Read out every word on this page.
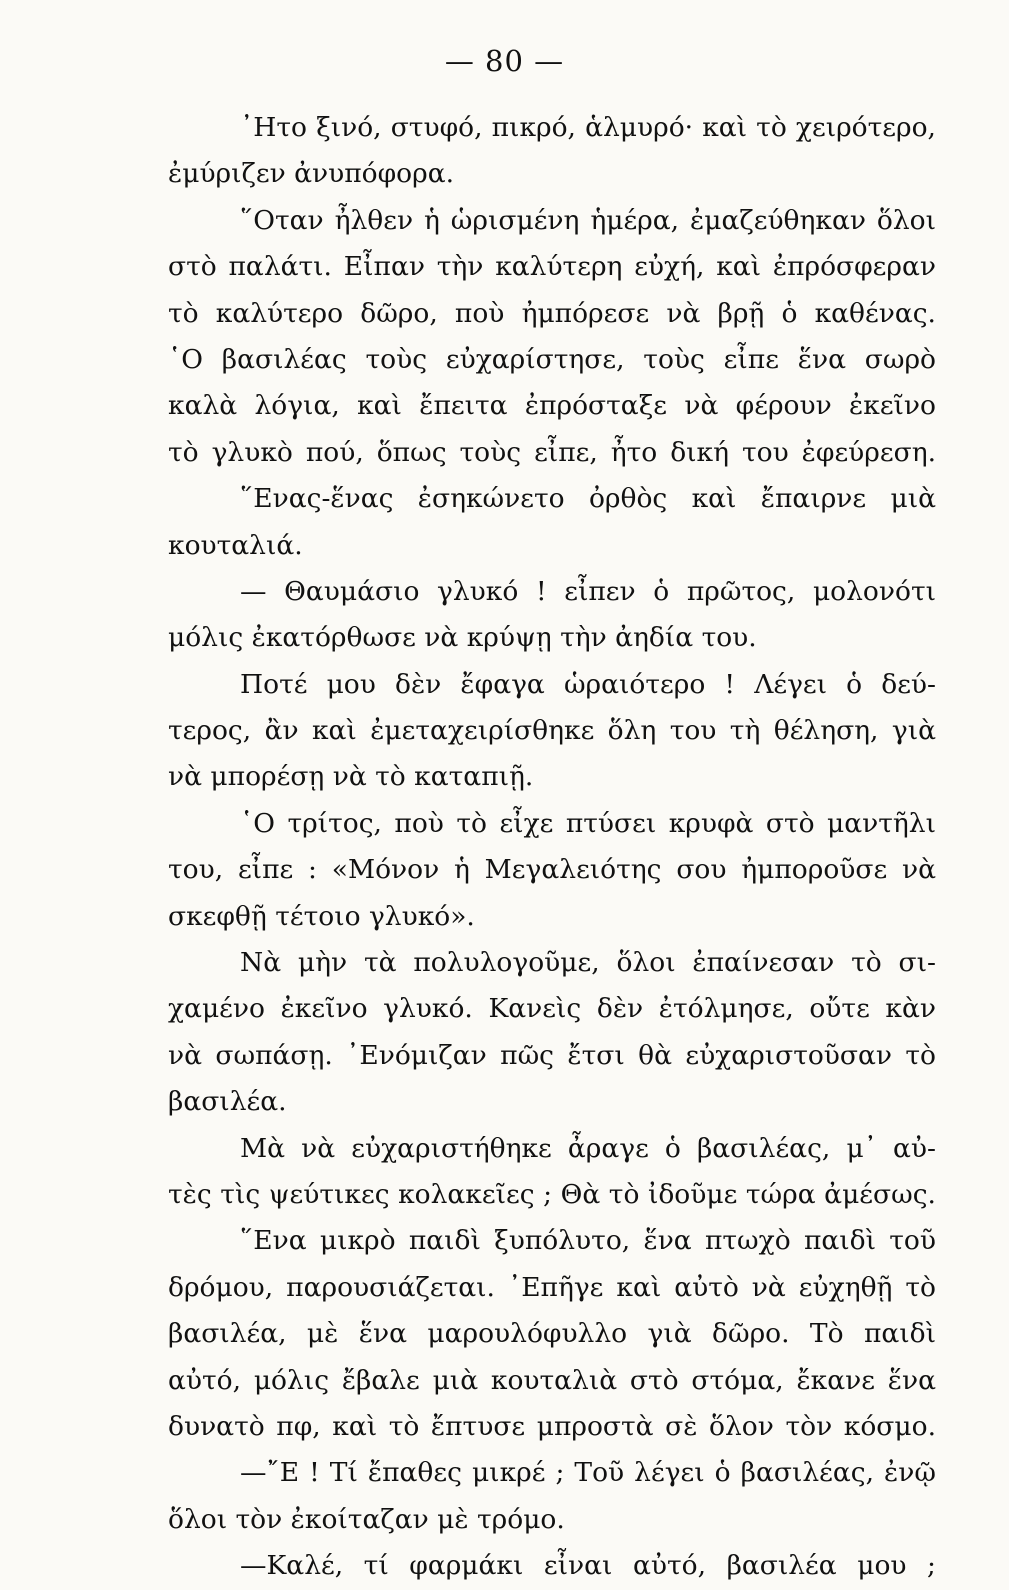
— 80 —
᾿Ητο ξινό, στυφό, πικρό, ἁλμυρό· καὶ τὸ χειρότερο,
ἐμύριζεν ἀνυπόφορα.
῞Οταν ἦλθεν ἡ ὡρισμένη ἡμέρα, ἐμαζεύθηκαν ὅλοι
στὸ παλάτι. Εἶπαν τὴν καλύτερη εὐχή, καὶ ἐπρόσφεραν
τὸ καλύτερο δῶρο, ποὺ ἠμπόρεσε νὰ βρῇ ὁ καθένας.
῾Ο βασιλέας τοὺς εὐχαρίστησε, τοὺς εἶπε ἕνα σωρὸ
καλὰ λόγια, καὶ ἔπειτα ἐπρόσταξε νὰ φέρουν ἐκεῖνο
τὸ γλυκὸ πού, ὅπως τοὺς εἶπε, ἦτο δική του ἐφεύρεση.
῞Ενας-ἕνας ἐσηκώνετο ὀρθὸς καὶ ἔπαιρνε μιὰ
κουταλιά.
— Θαυμάσιο γλυκό ! εἶπεν ὁ πρῶτος, μολονότι
μόλις ἐκατόρθωσε νὰ κρύψῃ τὴν ἀηδία του.
Ποτέ μου δὲν ἔφαγα ὡραιότερο ! Λέγει ὁ δεύ-
τερος, ἂν καὶ ἐμεταχειρίσθηκε ὅλη του τὴ θέληση, γιὰ
νὰ μπορέσῃ νὰ τὸ καταπιῇ.
῾Ο τρίτος, ποὺ τὸ εἶχε πτύσει κρυφὰ στὸ μαντῆλι
του, εἶπε : «Μόνον ἡ Μεγαλειότης σου ἠμποροῦσε νὰ
σκεφθῇ τέτοιο γλυκό».
Νὰ μὴν τὰ πολυλογοῦμε, ὅλοι ἐπαίνεσαν τὸ σι-
χαμένο ἐκεῖνο γλυκό. Κανεὶς δὲν ἐτόλμησε, οὔτε κὰν
νὰ σωπάσῃ. ᾿Ενόμιζαν πῶς ἔτσι θὰ εὐχαριστοῦσαν τὸ
βασιλέα.
Μὰ νὰ εὐχαριστήθηκε ἆραγε ὁ βασιλέας, μ᾿ αὐ-
τὲς τὶς ψεύτικες κολακεῖες ; Θὰ τὸ ἰδοῦμε τώρα ἀμέσως.
῞Ενα μικρὸ παιδὶ ξυπόλυτο, ἕνα πτωχὸ παιδὶ τοῦ
δρόμου, παρουσιάζεται. ᾿Επῆγε καὶ αὐτὸ νὰ εὐχηθῇ τὸ
βασιλέα, μὲ ἕνα μαρουλόφυλλο γιὰ δῶρο. Τὸ παιδὶ
αὐτό, μόλις ἔβαλε μιὰ κουταλιὰ στὸ στόμα, ἔκανε ἕνα
δυνατὸ πφ, καὶ τὸ ἔπτυσε μπροστὰ σὲ ὅλον τὸν κόσμο.
—῎Ε ! Τί ἔπαθες μικρέ ; Τοῦ λέγει ὁ βασιλέας, ἐνῷ
ὅλοι τὸν ἐκοίταζαν μὲ τρόμο.
—Καλέ, τί φαρμάκι εἶναι αὐτό, βασιλέα μου ;
